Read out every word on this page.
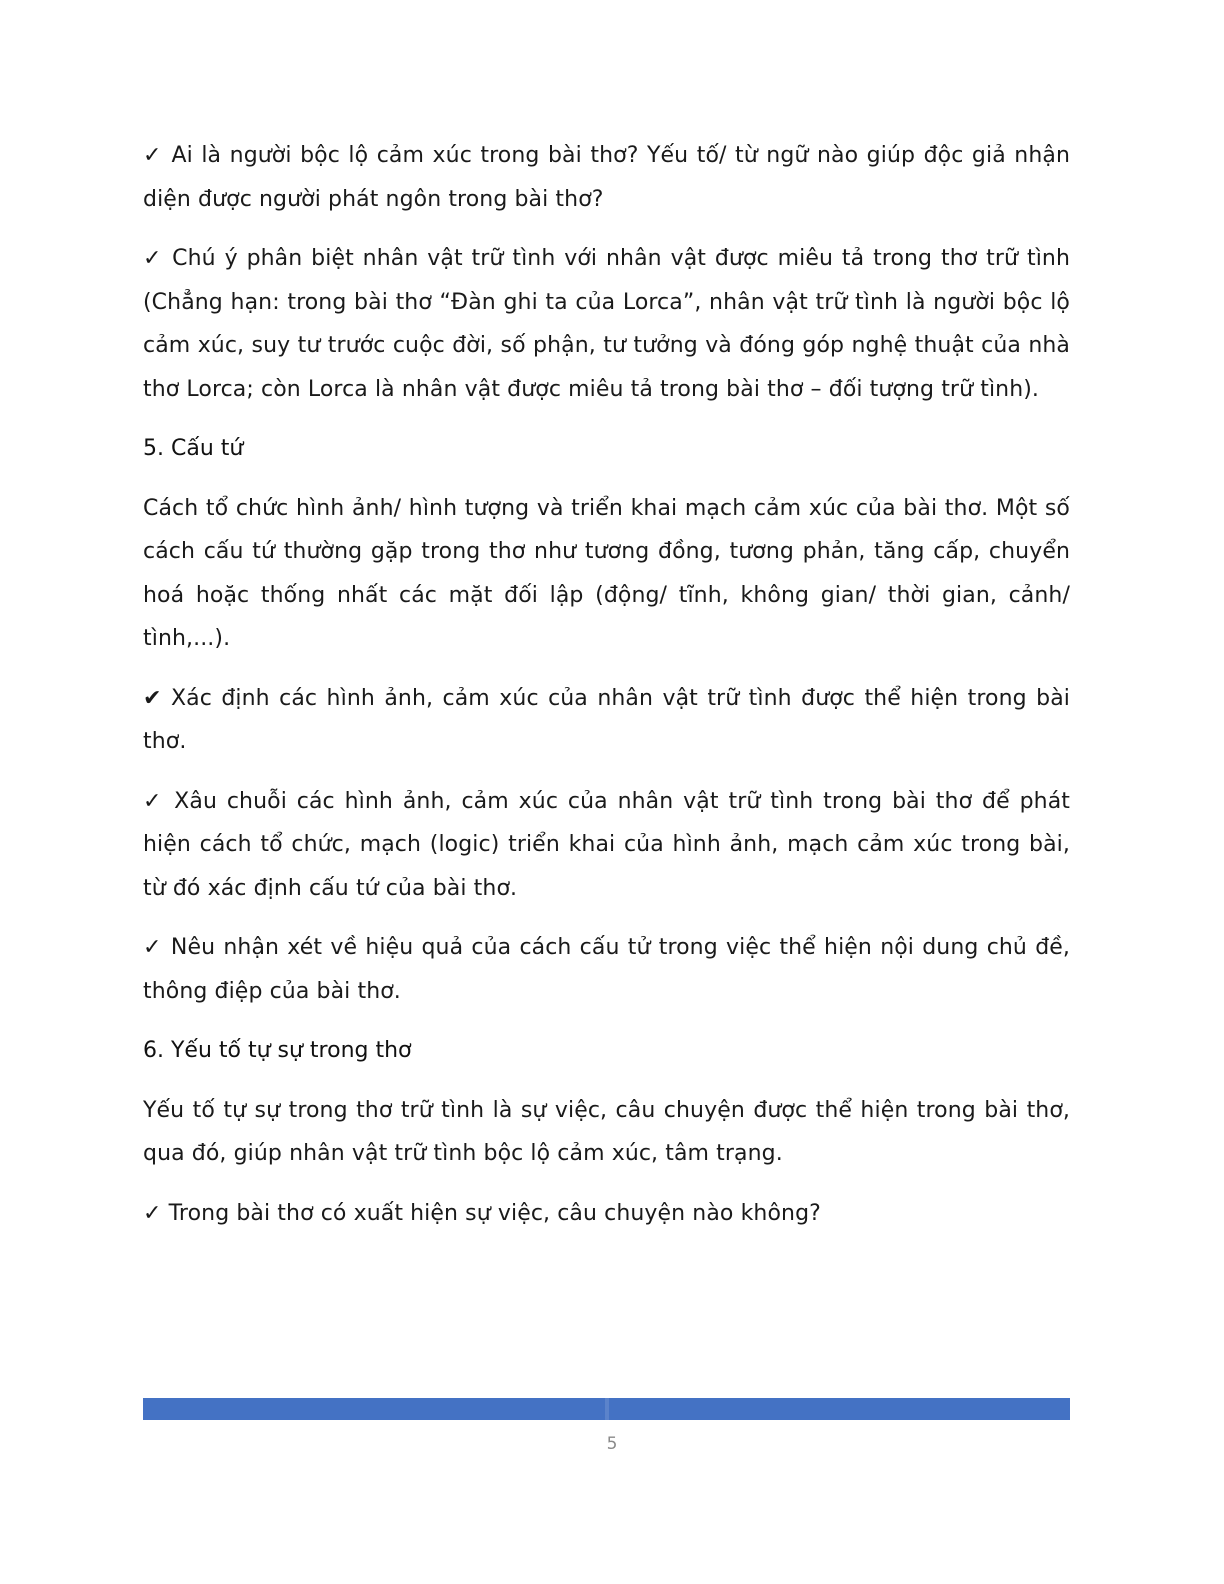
✓ Ai là người bộc lộ cảm xúc trong bài thơ? Yếu tố/ từ ngữ nào giúp độc giả nhận diện được người phát ngôn trong bài thơ?

✓ Chú ý phân biệt nhân vật trữ tình với nhân vật được miêu tả trong thơ trữ tình (Chẳng hạn: trong bài thơ “Đàn ghi ta của Lorca”, nhân vật trữ tình là người bộc lộ cảm xúc, suy tư trước cuộc đời, số phận, tư tưởng và đóng góp nghệ thuật của nhà thơ Lorca; còn Lorca là nhân vật được miêu tả trong bài thơ – đối tượng trữ tình).

5. Cấu tứ

Cách tổ chức hình ảnh/ hình tượng và triển khai mạch cảm xúc của bài thơ. Một số cách cấu tứ thường gặp trong thơ như tương đồng, tương phản, tăng cấp, chuyển hoá hoặc thống nhất các mặt đối lập (động/ tĩnh, không gian/ thời gian, cảnh/ tình,...).

✔ Xác định các hình ảnh, cảm xúc của nhân vật trữ tình được thể hiện trong bài thơ.

✓ Xâu chuỗi các hình ảnh, cảm xúc của nhân vật trữ tình trong bài thơ để phát hiện cách tổ chức, mạch (logic) triển khai của hình ảnh, mạch cảm xúc trong bài, từ đó xác định cấu tứ của bài thơ.

✓ Nêu nhận xét về hiệu quả của cách cấu tử trong việc thể hiện nội dung chủ đề, thông điệp của bài thơ.

6. Yếu tố tự sự trong thơ

Yếu tố tự sự trong thơ trữ tình là sự việc, câu chuyện được thể hiện trong bài thơ, qua đó, giúp nhân vật trữ tình bộc lộ cảm xúc, tâm trạng.

✓ Trong bài thơ có xuất hiện sự việc, câu chuyện nào không?

5
